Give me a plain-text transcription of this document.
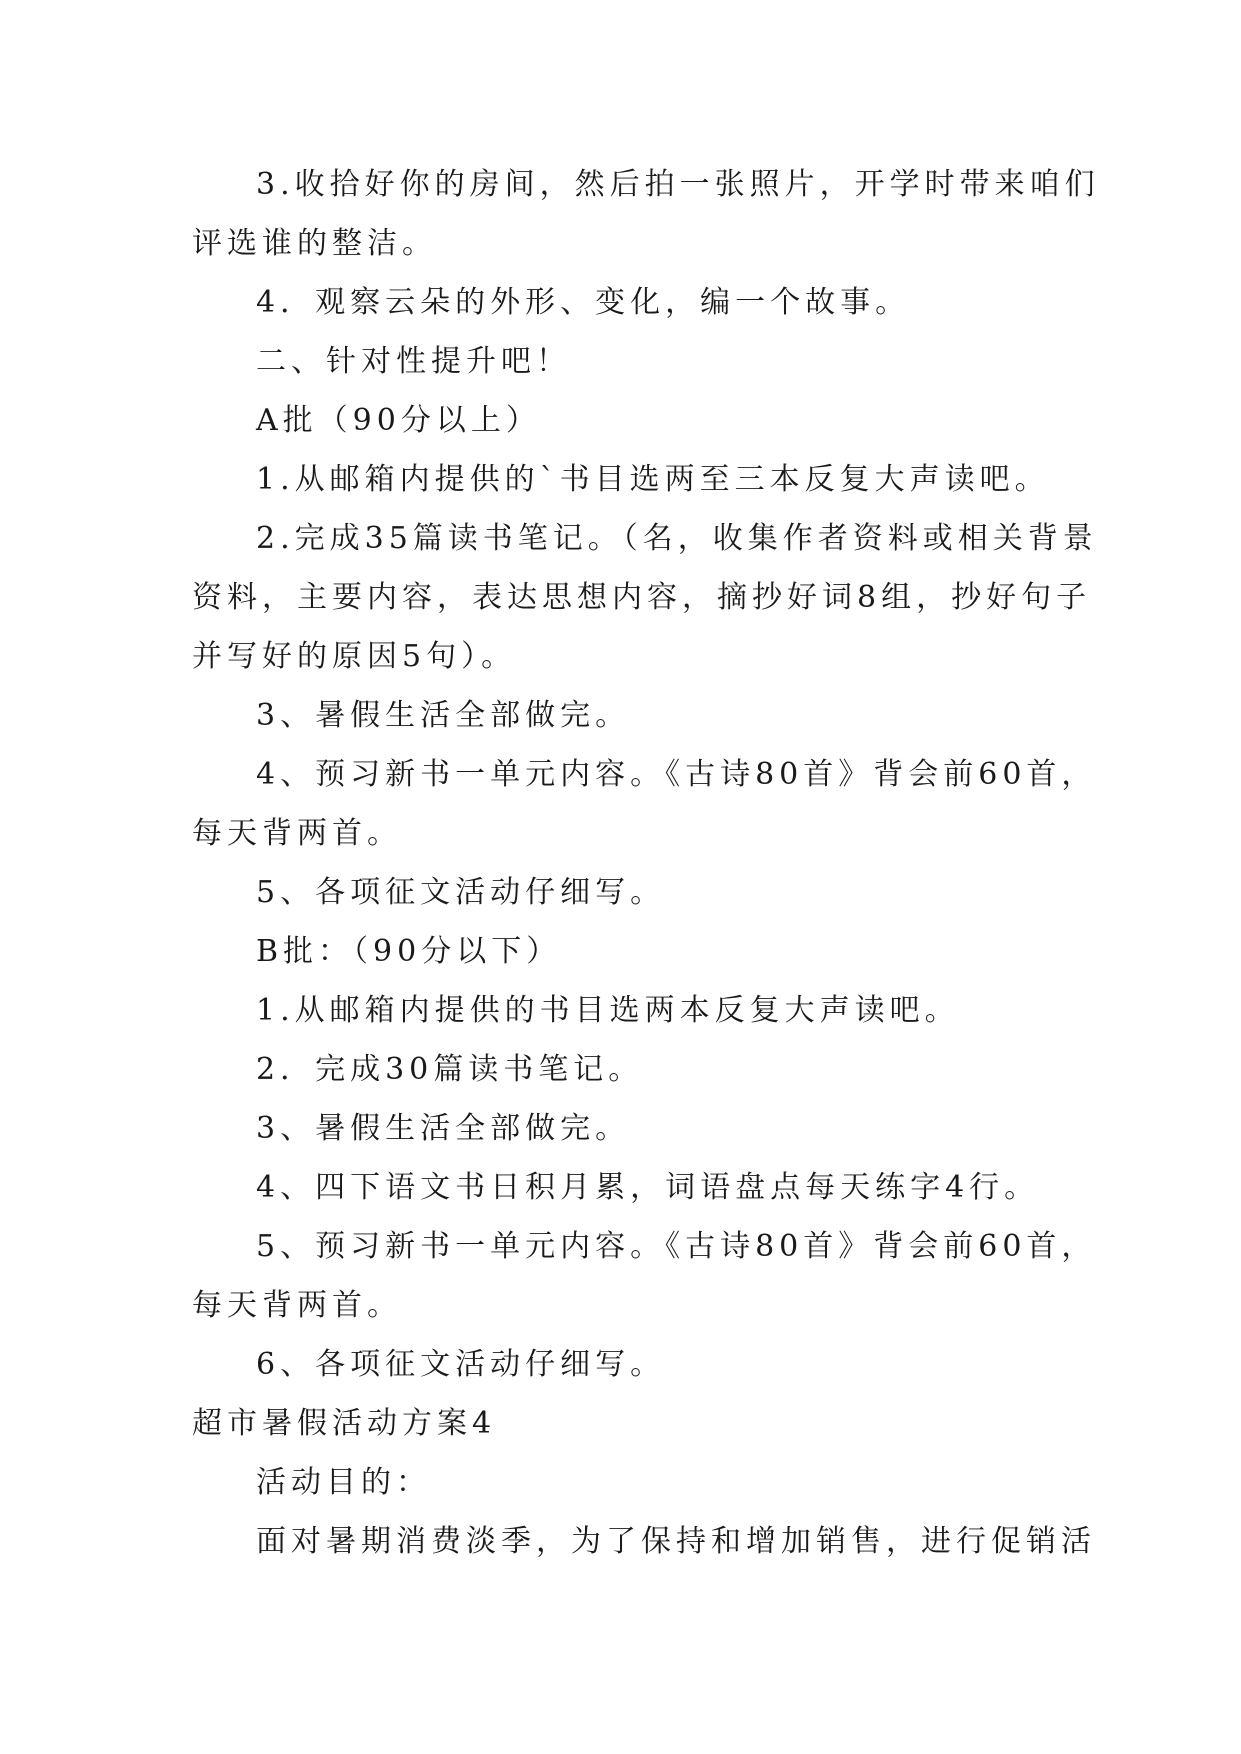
3.收拾好你的房间，然后拍一张照片，开学时带来咱们
评选谁的整洁。
4．观察云朵的外形、变化，编一个故事。
二、针对性提升吧！
A批（90分以上）
1.从邮箱内提供的`书目选两至三本反复大声读吧。
2.完成35篇读书笔记。（名，收集作者资料或相关背景
资料，主要内容，表达思想内容，摘抄好词8组，抄好句子
并写好的原因5句）。
3、暑假生活全部做完。
4、预习新书一单元内容。《古诗80首》背会前60首，
每天背两首。
5、各项征文活动仔细写。
B批：（90分以下）
1.从邮箱内提供的书目选两本反复大声读吧。
2．完成30篇读书笔记。
3、暑假生活全部做完。
4、四下语文书日积月累，词语盘点每天练字4行。
5、预习新书一单元内容。《古诗80首》背会前60首，
每天背两首。
6、各项征文活动仔细写。
超市暑假活动方案4
活动目的：
面对暑期消费淡季，为了保持和增加销售，进行促销活
